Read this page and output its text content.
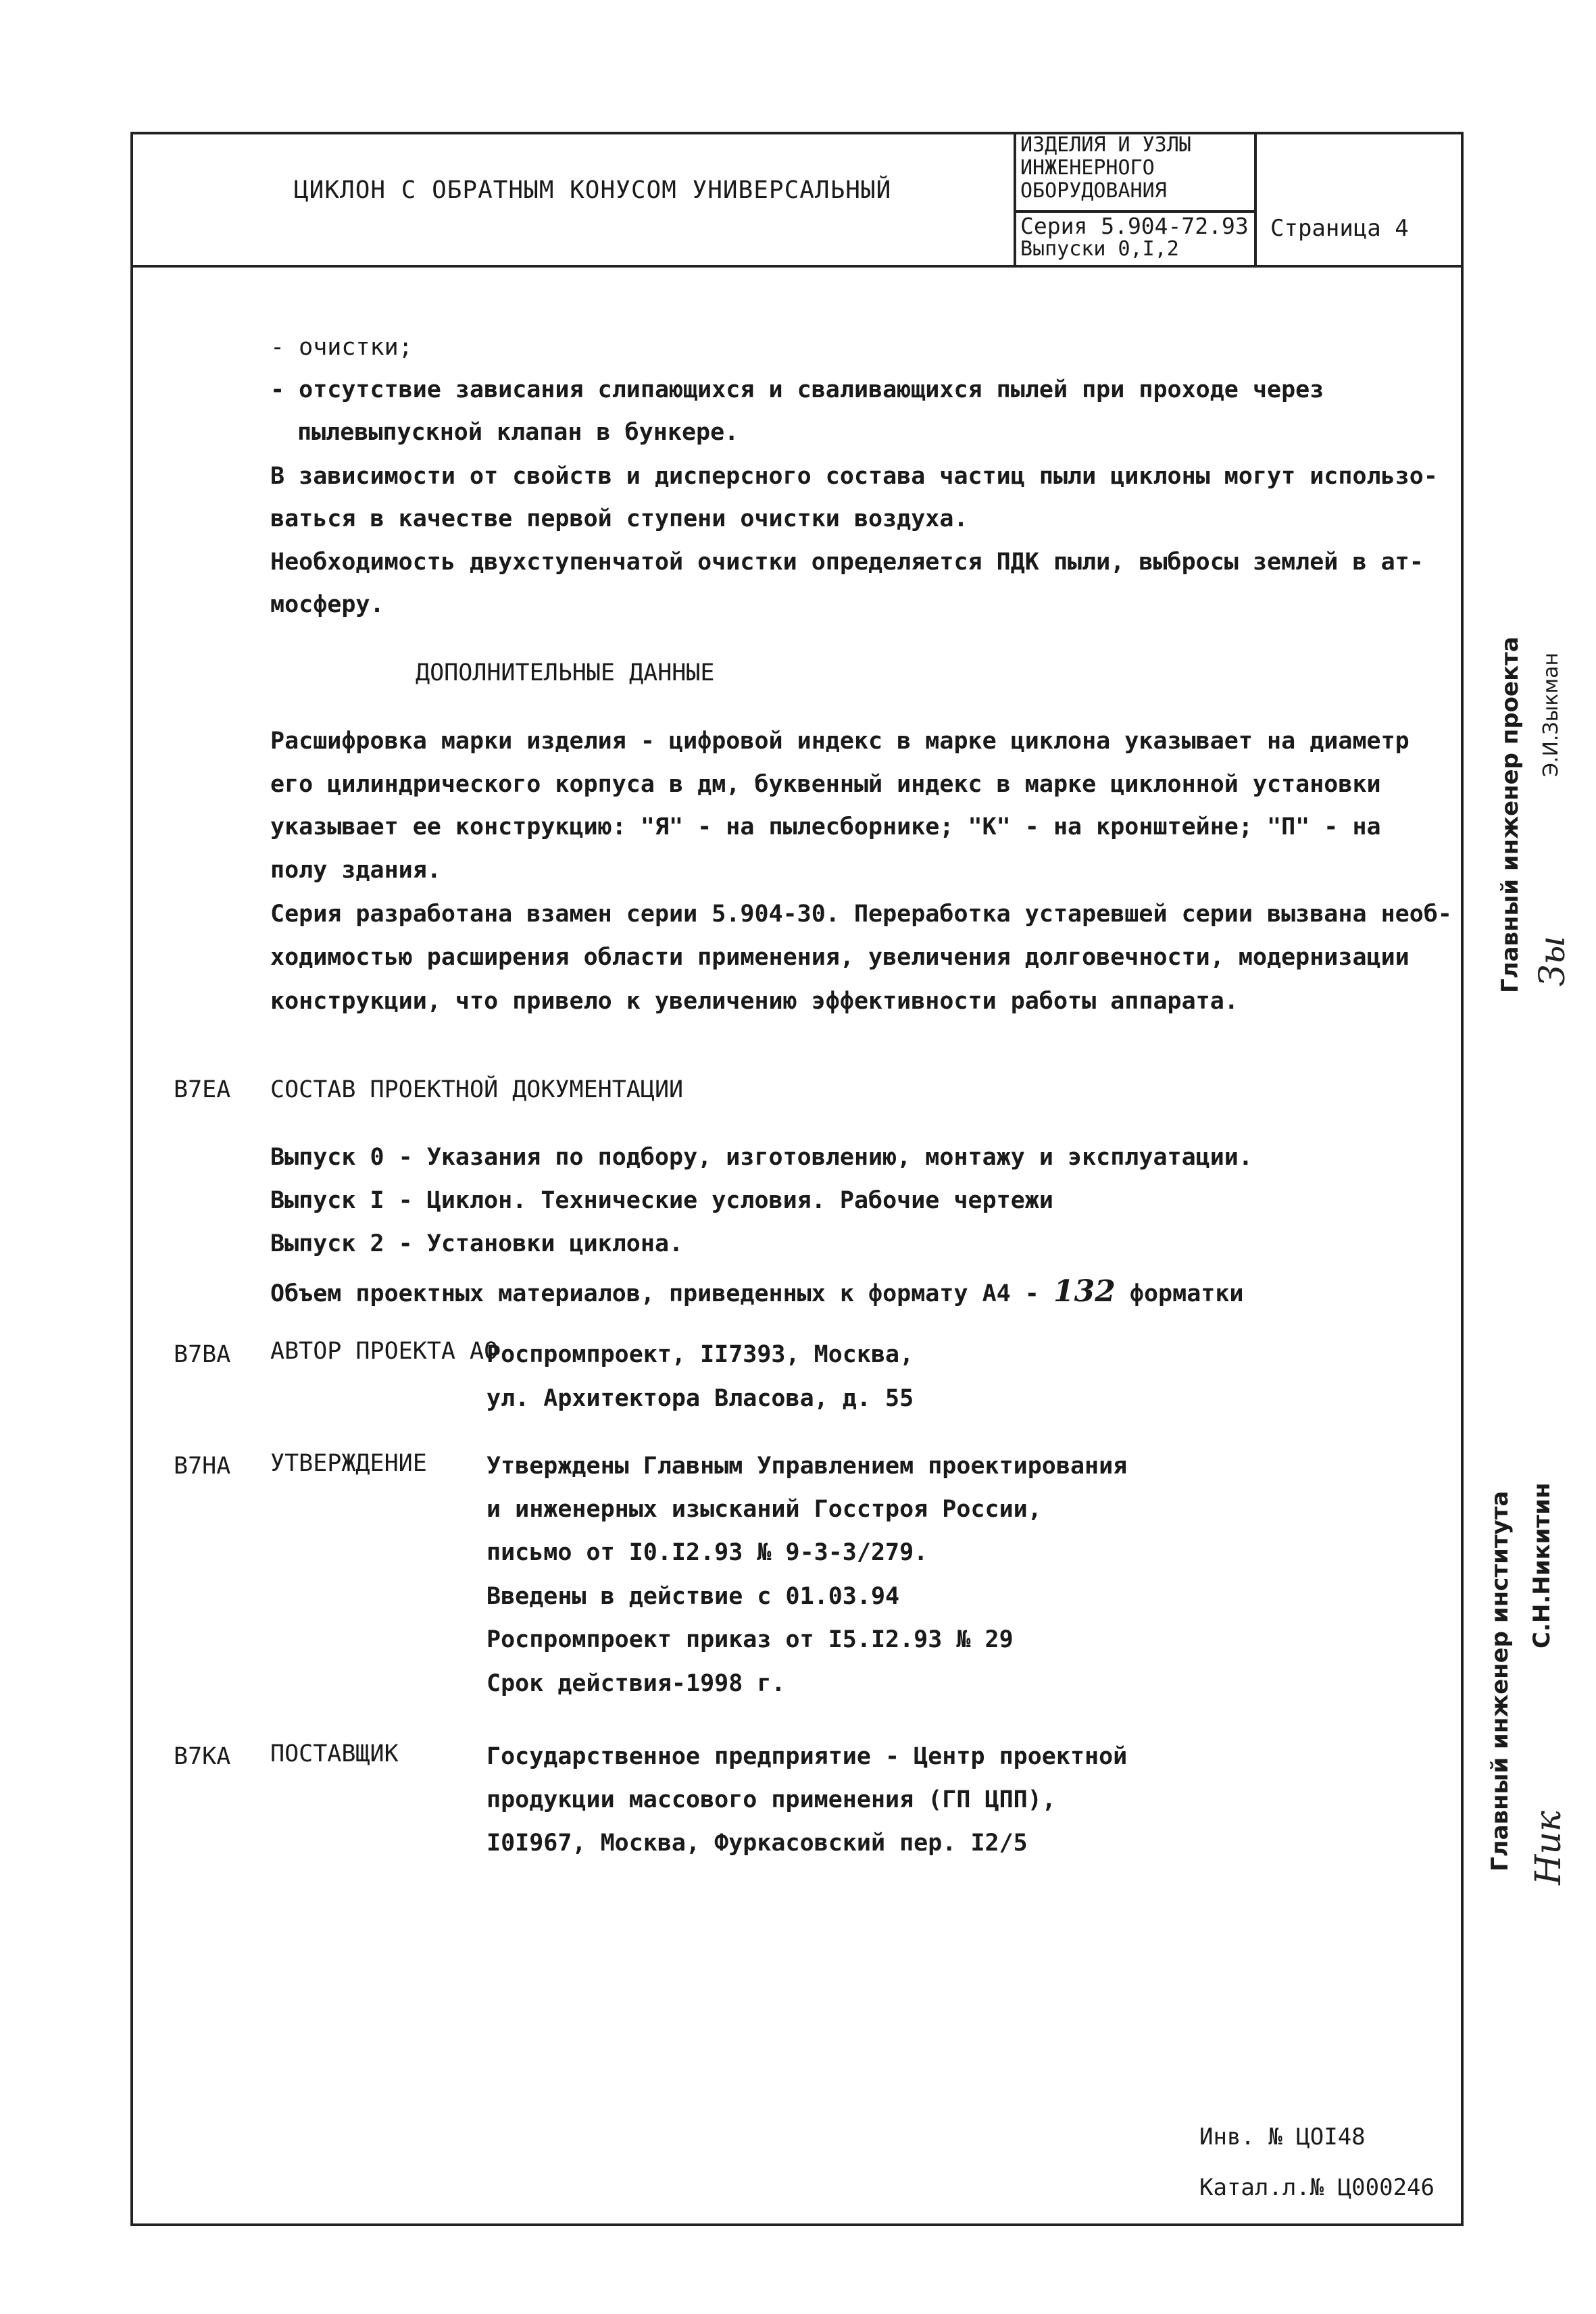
ЦИКЛОН С ОБРАТНЫМ КОНУСОМ УНИВЕРСАЛЬНЫЙ
ИЗДЕЛИЯ И УЗЛЫ
ИНЖЕНЕРНОГО
ОБОРУДОВАНИЯ
Серия 5.904-72.93
Выпуски 0,I,2
Страница 4
- очистки;
- отсутствие зависания слипающихся и сваливающихся пылей при проходе через
пылевыпускной клапан в бункере.
В зависимости от свойств и дисперсного состава частиц пыли циклоны могут использо-
ваться в качестве первой ступени очистки воздуха.
Необходимость двухступенчатой очистки определяется ПДК пыли, выбросы землей в ат-
мосферу.
ДОПОЛНИТЕЛЬНЫЕ ДАННЫЕ
Расшифровка марки изделия - цифровой индекс в марке циклона указывает на диаметр
его цилиндрического корпуса в дм, буквенный индекс в марке циклонной установки
указывает ее конструкцию: "Я" - на пылесборнике; "К" - на кронштейне; "П" - на
полу здания.
Серия разработана взамен серии 5.904-30. Переработка устаревшей серии вызвана необ-
ходимостью расширения области применения, увеличения долговечности, модернизации
конструкции, что привело к увеличению эффективности работы аппарата.
В7ЕА СОСТАВ ПРОЕКТНОЙ ДОКУМЕНТАЦИИ
Выпуск 0 - Указания по подбору, изготовлению, монтажу и эксплуатации.
Выпуск I - Циклон. Технические условия. Рабочие чертежи
Выпуск 2 - Установки циклона.
Объем проектных материалов, приведенных к формату А4 - 132 форматки
В7ВА АВТОР ПРОЕКТА АО
Роспромпроект, II7393, Москва,
ул. Архитектора Власова, д. 55
В7НА УТВЕРЖДЕНИЕ	Утверждены Главным Управлением проектирования
и инженерных изысканий Госстроя России,
письмо от I0.I2.93 № 9-3-3/279.
Введены в действие с 01.03.94
Роспромпроект приказ от I5.I2.93 № 29
Срок действия-1998 г.
В7КА ПОСТАВЩИК	Государственное предприятие - Центр проектной
продукции массового применения (ГП ЦПП),
I0I967, Москва, Фуркасовский пер. I2/5
Инв. № ЦОI48
Катал.л.№ Ц000246
Главный инженер проекта Зы
Э.И.Зыкман
Главный инженер института Ник
С.Н.Никитин
